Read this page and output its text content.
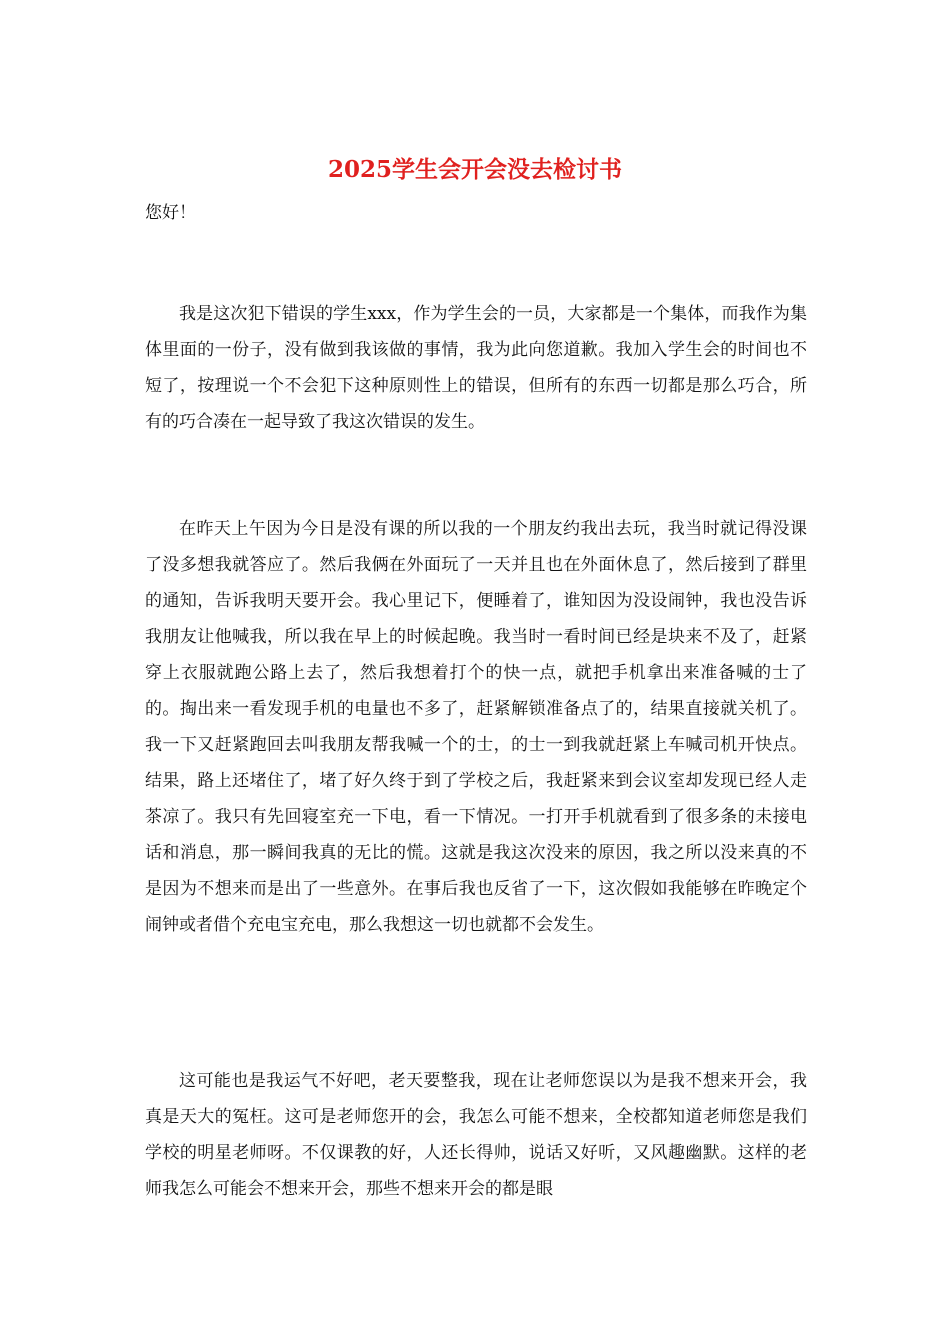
2025学生会开会没去检讨书

您好！

我是这次犯下错误的学生xxx，作为学生会的一员，大家都是一个集体，而我作为集体里面的一份子，没有做到我该做的事情，我为此向您道歉。我加入学生会的时间也不短了，按理说一个不会犯下这种原则性上的错误，但所有的东西一切都是那么巧合，所有的巧合凑在一起导致了我这次错误的发生。

在昨天上午因为今日是没有课的所以我的一个朋友约我出去玩，我当时就记得没课了没多想我就答应了。然后我俩在外面玩了一天并且也在外面休息了，然后接到了群里的通知，告诉我明天要开会。我心里记下，便睡着了，谁知因为没设闹钟，我也没告诉我朋友让他喊我，所以我在早上的时候起晚。我当时一看时间已经是块来不及了，赶紧穿上衣服就跑公路上去了，然后我想着打个的快一点，就把手机拿出来准备喊的士了的。掏出来一看发现手机的电量也不多了，赶紧解锁准备点了的，结果直接就关机了。我一下又赶紧跑回去叫我朋友帮我喊一个的士，的士一到我就赶紧上车喊司机开快点。结果，路上还堵住了，堵了好久终于到了学校之后，我赶紧来到会议室却发现已经人走茶凉了。我只有先回寝室充一下电，看一下情况。一打开手机就看到了很多条的未接电话和消息，那一瞬间我真的无比的慌。这就是我这次没来的原因，我之所以没来真的不是因为不想来而是出了一些意外。在事后我也反省了一下，这次假如我能够在昨晚定个闹钟或者借个充电宝充电，那么我想这一切也就都不会发生。

这可能也是我运气不好吧，老天要整我，现在让老师您误以为是我不想来开会，我真是天大的冤枉。这可是老师您开的会，我怎么可能不想来，全校都知道老师您是我们学校的明星老师呀。不仅课教的好，人还长得帅，说话又好听，又风趣幽默。这样的老师我怎么可能会不想来开会，那些不想来开会的都是眼
